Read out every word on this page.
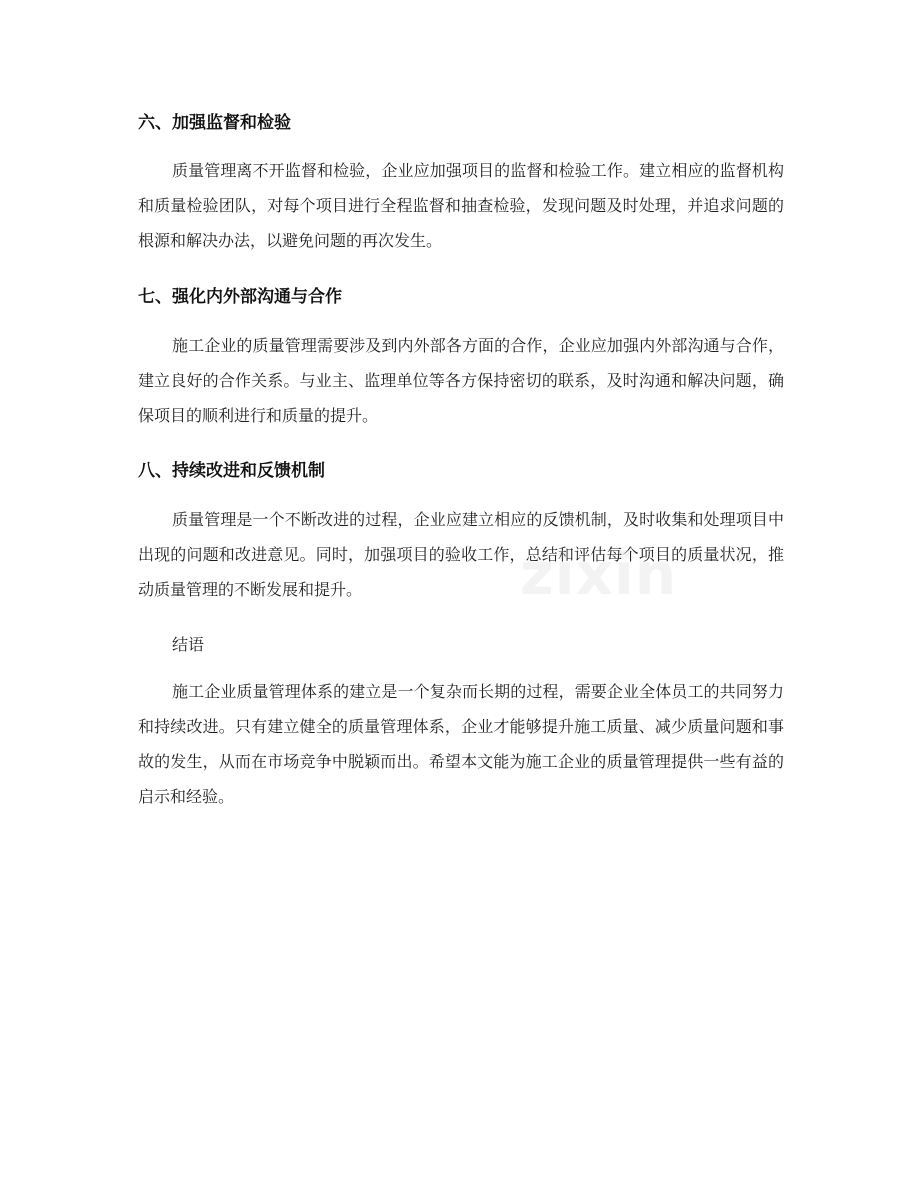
六、加强监督和检验

质量管理离不开监督和检验，企业应加强项目的监督和检验工作。建立相应的监督机构和质量检验团队，对每个项目进行全程监督和抽查检验，发现问题及时处理，并追求问题的根源和解决办法，以避免问题的再次发生。

七、强化内外部沟通与合作

施工企业的质量管理需要涉及到内外部各方面的合作，企业应加强内外部沟通与合作，建立良好的合作关系。与业主、监理单位等各方保持密切的联系，及时沟通和解决问题，确保项目的顺利进行和质量的提升。

八、持续改进和反馈机制

质量管理是一个不断改进的过程，企业应建立相应的反馈机制，及时收集和处理项目中出现的问题和改进意见。同时，加强项目的验收工作，总结和评估每个项目的质量状况，推动质量管理的不断发展和提升。

结语

施工企业质量管理体系的建立是一个复杂而长期的过程，需要企业全体员工的共同努力和持续改进。只有建立健全的质量管理体系，企业才能够提升施工质量、减少质量问题和事故的发生，从而在市场竞争中脱颖而出。希望本文能为施工企业的质量管理提供一些有益的启示和经验。

zixin
